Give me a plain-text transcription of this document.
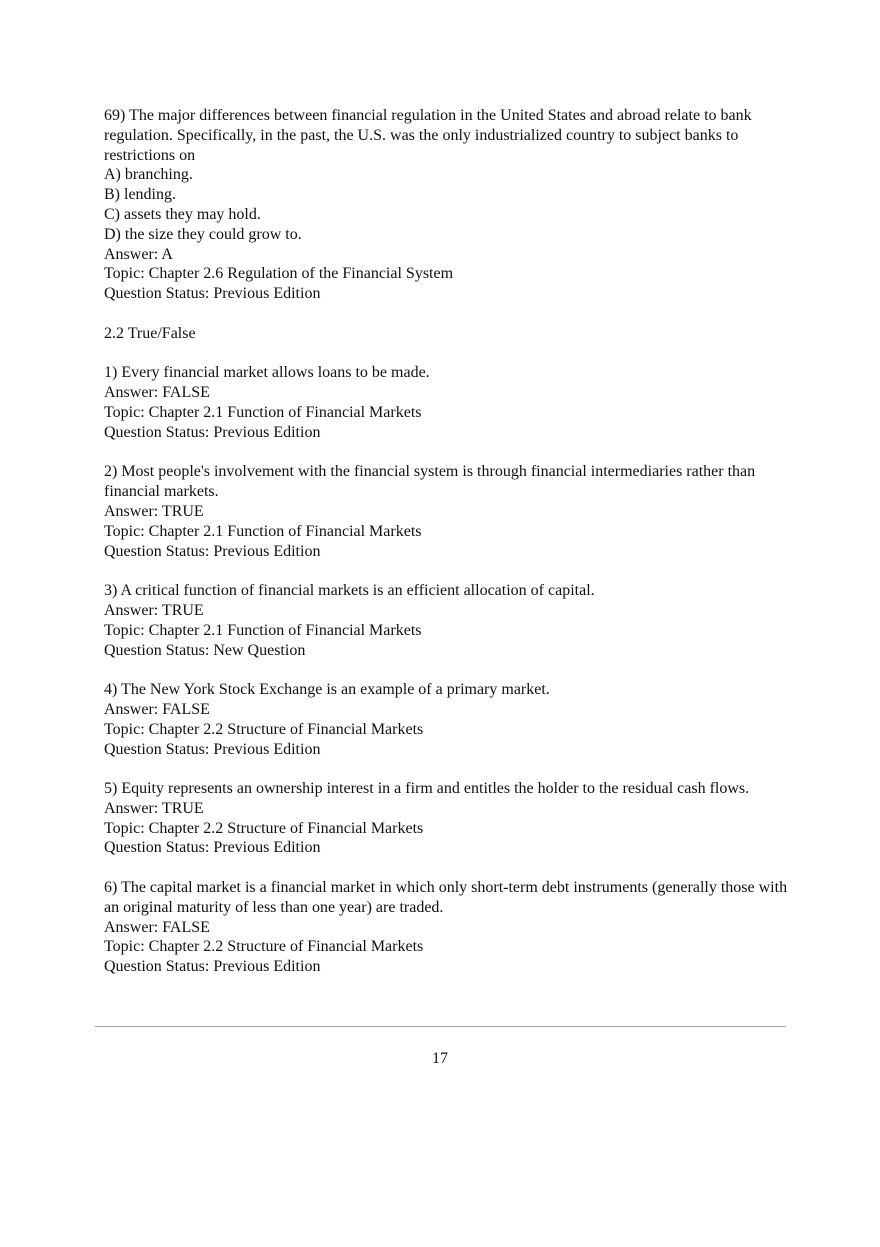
69) The major differences between financial regulation in the United States and abroad relate to bank regulation. Specifically, in the past, the U.S. was the only industrialized country to subject banks to restrictions on

A) branching.

B) lending.

C) assets they may hold.

D) the size they could grow to.

Answer: A

Topic: Chapter 2.6 Regulation of the Financial System

Question Status: Previous Edition

2.2 True/False

1) Every financial market allows loans to be made.

Answer: FALSE

Topic: Chapter 2.1 Function of Financial Markets

Question Status: Previous Edition

2) Most people's involvement with the financial system is through financial intermediaries rather than financial markets.

Answer: TRUE

Topic: Chapter 2.1 Function of Financial Markets

Question Status: Previous Edition

3) A critical function of financial markets is an efficient allocation of capital.

Answer: TRUE

Topic: Chapter 2.1 Function of Financial Markets

Question Status: New Question

4) The New York Stock Exchange is an example of a primary market.

Answer: FALSE

Topic: Chapter 2.2 Structure of Financial Markets

Question Status: Previous Edition

5) Equity represents an ownership interest in a firm and entitles the holder to the residual cash flows.

Answer: TRUE

Topic: Chapter 2.2 Structure of Financial Markets

Question Status: Previous Edition

6) The capital market is a financial market in which only short-term debt instruments (generally those with an original maturity of less than one year) are traded.

Answer: FALSE

Topic: Chapter 2.2 Structure of Financial Markets

Question Status: Previous Edition

17
